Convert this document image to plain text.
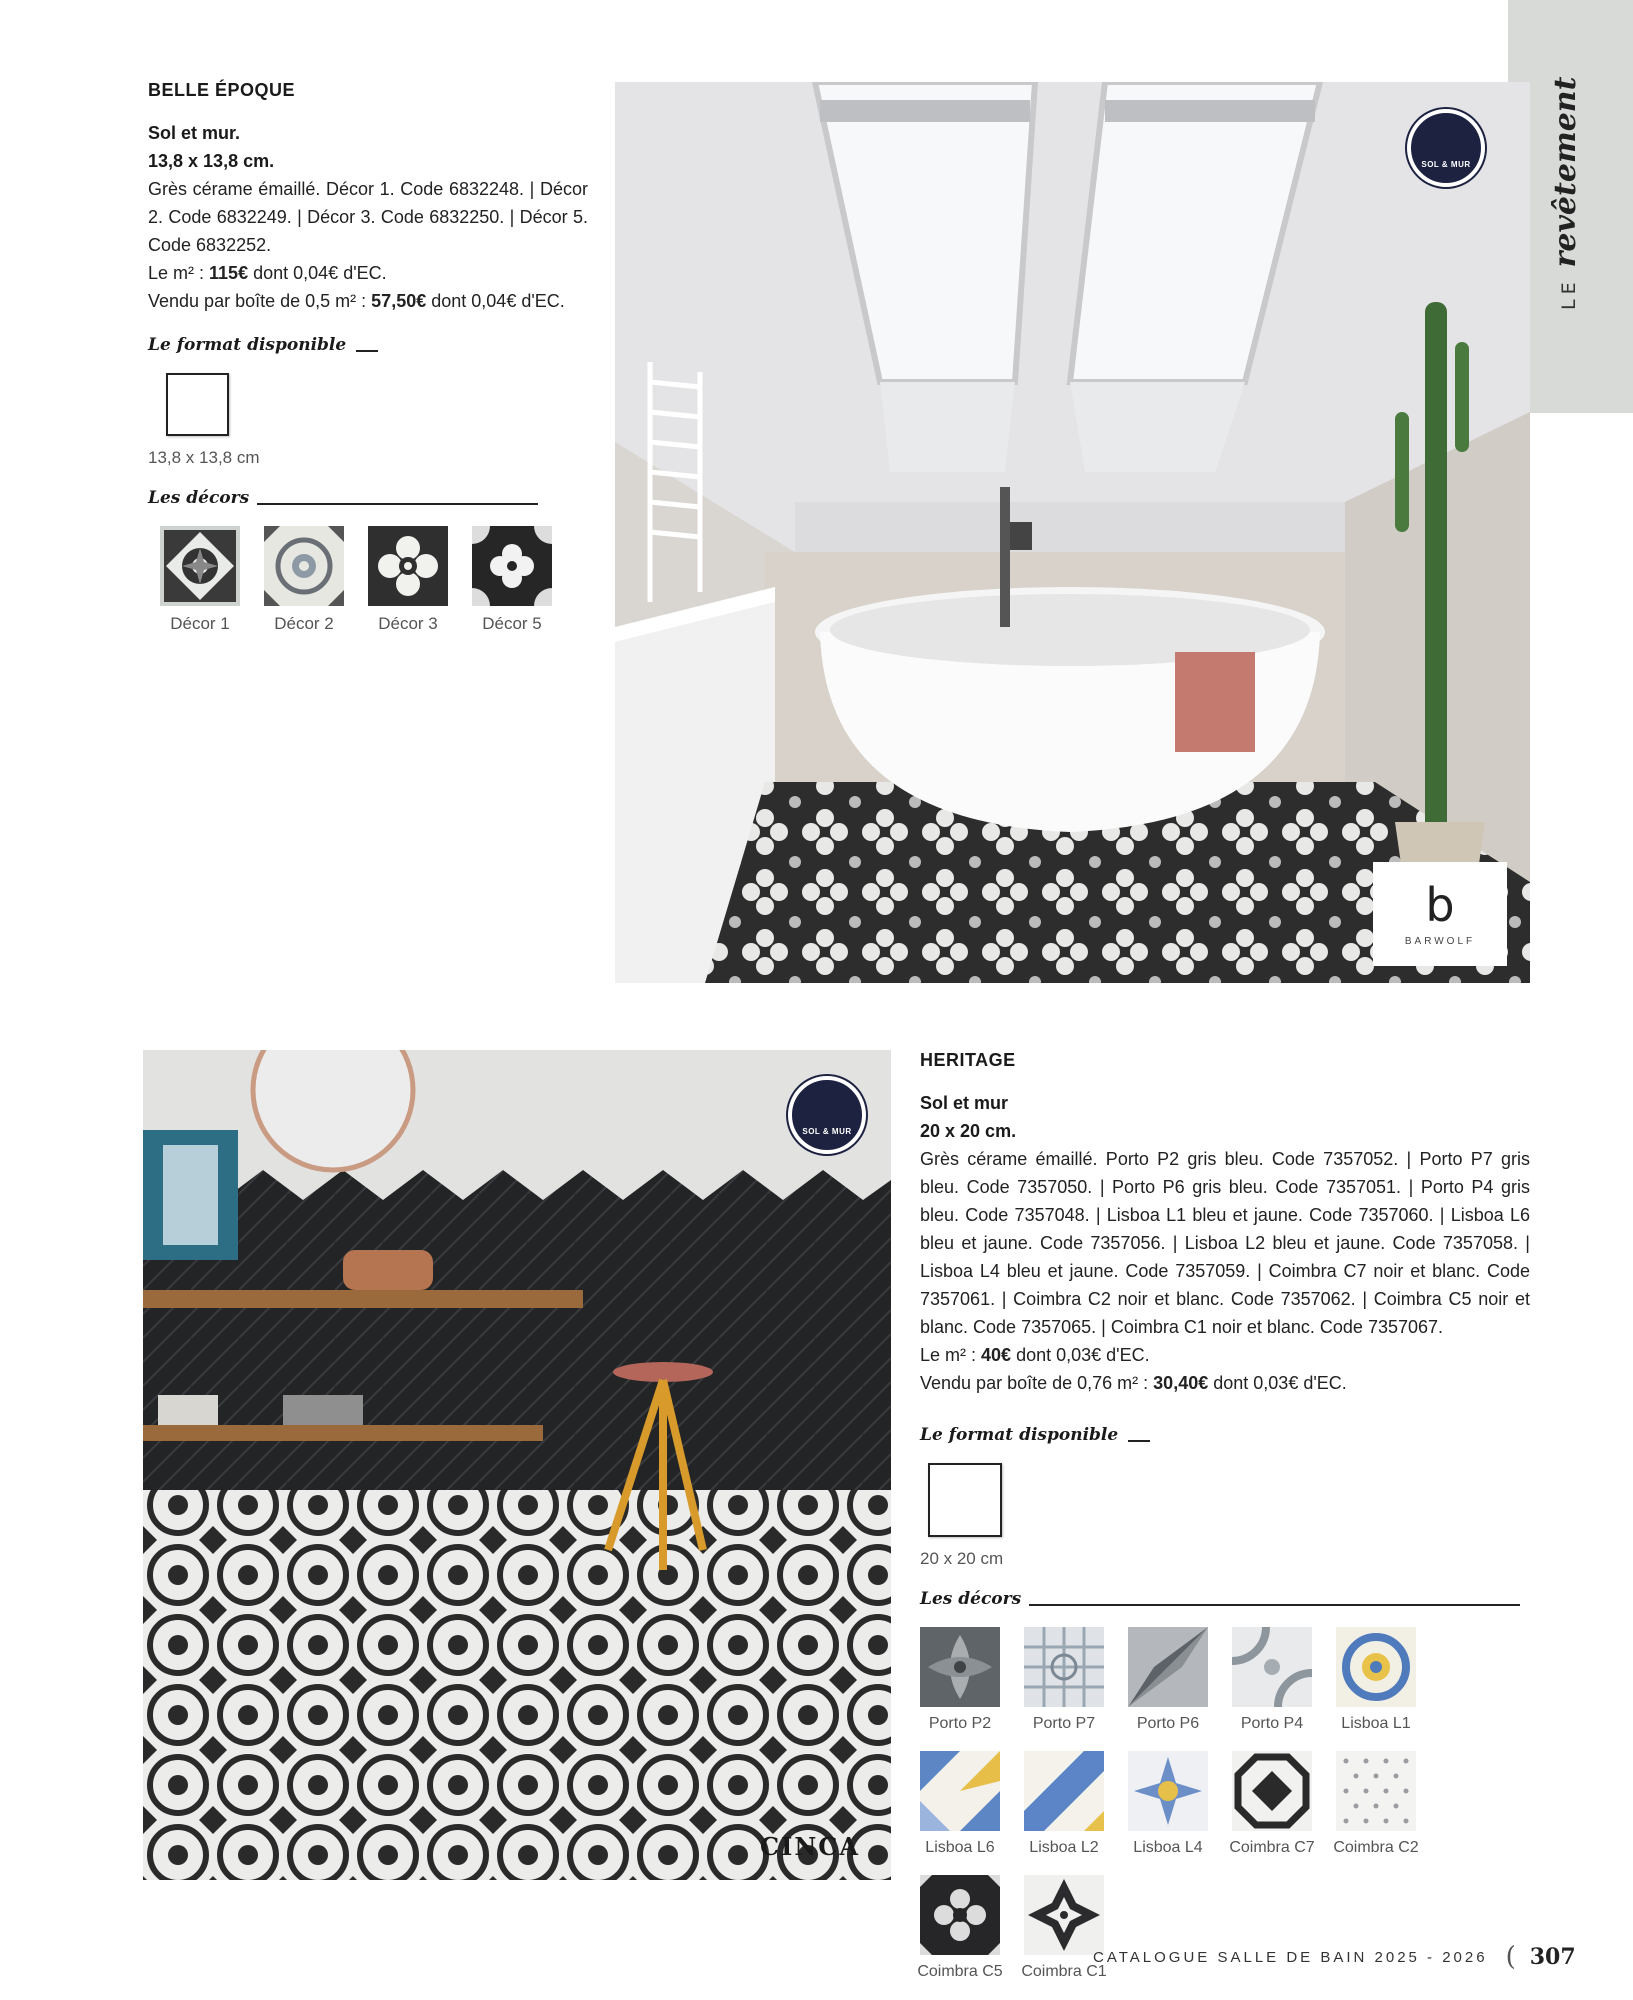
LErevêtement
BELLE ÉPOQUE
Sol et mur.
13,8 x 13,8 cm.
Grès cérame émaillé. Décor 1. Code 6832248. | Décor 2. Code 6832249. | Décor 3. Code 6832250. | Décor 5. Code 6832252.
Le m² : 115€ dont 0,04€ d'EC.
Vendu par boîte de 0,5 m² : 57,50€ dont 0,04€ d'EC.
Le format disponible
13,8 x 13,8 cm
Les décors
Décor 1	Décor 2	Décor 3	Décor 5
SOL & MUR
b
BARWOLF
SOL & MUR
CINCA
HERITAGE
Sol et mur
20 x 20 cm.
Grès cérame émaillé. Porto P2 gris bleu. Code 7357052. | Porto P7 gris bleu. Code 7357050. | Porto P6 gris bleu. Code 7357051. | Porto P4 gris bleu. Code 7357048. | Lisboa L1 bleu et jaune. Code 7357060. | Lisboa L6 bleu et jaune. Code 7357056. | Lisboa L2 bleu et jaune. Code 7357058. | Lisboa L4 bleu et jaune. Code 7357059. | Coimbra C7 noir et blanc. Code 7357061. | Coimbra C2 noir et blanc. Code 7357062. | Coimbra C5 noir et blanc. Code 7357065. | Coimbra C1 noir et blanc. Code 7357067.
Le m² : 40€ dont 0,03€ d'EC.
Vendu par boîte de 0,76 m² : 30,40€ dont 0,03€ d'EC.
Le format disponible
20 x 20 cm
Les décors
Porto P2	Porto P7	Porto P6	Porto P4	Lisboa L1
Lisboa L6	Lisboa L2	Lisboa L4	Coimbra C7	Coimbra C2
Coimbra C5	Coimbra C1
CATALOGUE SALLE DE BAIN 2025 - 2026 ( 307
